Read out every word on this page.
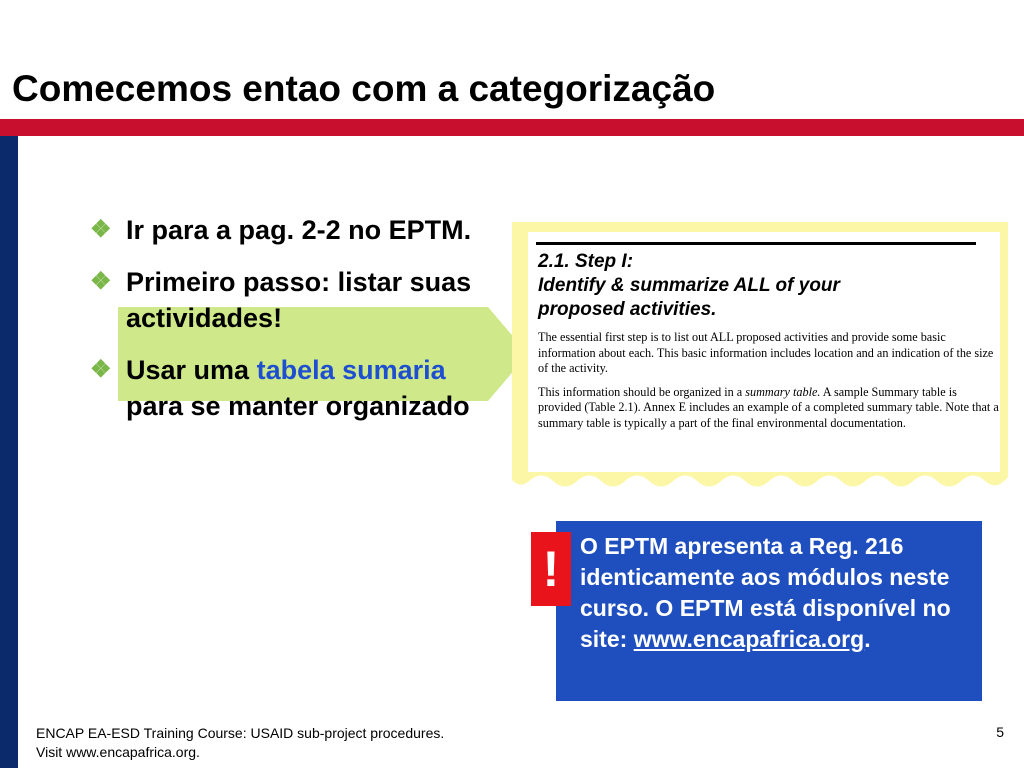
Comecemos entao com a categorização
❖ Ir para a pag. 2-2 no EPTM.
❖ Primeiro passo: listar suas actividades!
❖ Usar uma tabela sumaria para se manter organizado
2.1. Step I:
Identify & summarize ALL of your
proposed activities.

The essential first step is to list out ALL proposed activities and provide some basic information about each. This basic information includes location and an indication of the size of the activity.

This information should be organized in a summary table. A sample Summary table is provided (Table 2.1). Annex E includes an example of a completed summary table. Note that a summary table is typically a part of the final environmental documentation.

O EPTM apresenta a Reg. 216 identicamente aos módulos neste curso. O EPTM está disponível no site: www.encapafrica.org.
!
ENCAP EA-ESD Training Course: USAID sub-project procedures.
Visit www.encapafrica.org.
5
